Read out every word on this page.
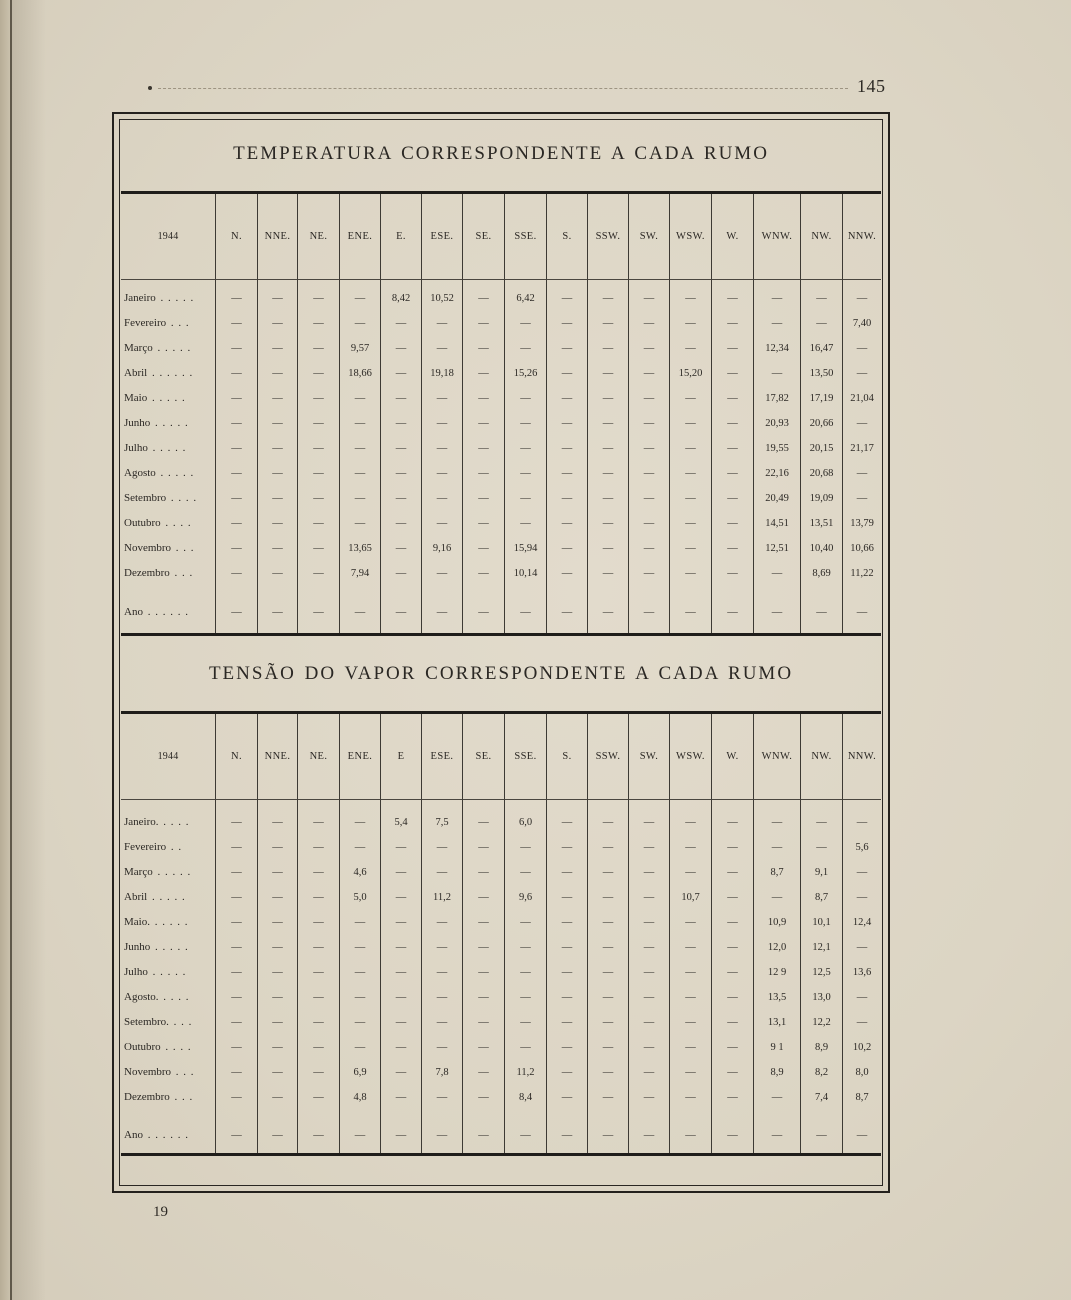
145
TEMPERATURA CORRESPONDENTE A CADA RUMO
1944	N.	NNE.	NE.	ENE.	E.	ESE.	SE.	SSE.	S.	SSW.	SW.	WSW.	W.	WNW.	NW.	NNW.

Janeiro . . . . .	—	—	—	—	8,42	10,52	—	6,42	—	—	—	—	—	—	—	—
Fevereiro . . .	—	—	—	—	—	—	—	—	—	—	—	—	—	—	—	7,40
Março . . . . .	—	—	—	9,57	—	—	—	—	—	—	—	—	—	12,34	16,47	—
Abril . . . . . .	—	—	—	18,66	—	19,18	—	15,26	—	—	—	15,20	—	—	13,50	—
Maio . . . . .	—	—	—	—	—	—	—	—	—	—	—	—	—	17,82	17,19	21,04
Junho . . . . .	—	—	—	—	—	—	—	—	—	—	—	—	—	20,93	20,66	—
Julho . . . . .	—	—	—	—	—	—	—	—	—	—	—	—	—	19,55	20,15	21,17
Agosto . . . . .	—	—	—	—	—	—	—	—	—	—	—	—	—	22,16	20,68	—
Setembro . . . .	—	—	—	—	—	—	—	—	—	—	—	—	—	20,49	19,09	—
Outubro . . . .	—	—	—	—	—	—	—	—	—	—	—	—	—	14,51	13,51	13,79
Novembro . . .	—	—	—	13,65	—	9,16	—	15,94	—	—	—	—	—	12,51	10,40	10,66
Dezembro . . .	—	—	—	7,94	—	—	—	10,14	—	—	—	—	—	—	8,69	11,22

Ano . . . . . .	—	—	—	—	—	—	—	—	—	—	—	—	—	—	—	—

TENSÃO DO VAPOR CORRESPONDENTE A CADA RUMO
1944	N.	NNE.	NE.	ENE.	E	ESE.	SE.	SSE.	S.	SSW.	SW.	WSW.	W.	WNW.	NW.	NNW.

Janeiro. . . . .	—	—	—	—	5,4	7,5	—	6,0	—	—	—	—	—	—	—	—
Fevereiro . .	—	—	—	—	—	—	—	—	—	—	—	—	—	—	—	5,6
Março . . . . .	—	—	—	4,6	—	—	—	—	—	—	—	—	—	8,7	9,1	—
Abril . . . . .	—	—	—	5,0	—	11,2	—	9,6	—	—	—	10,7	—	—	8,7	—
Maio. . . . . .	—	—	—	—	—	—	—	—	—	—	—	—	—	10,9	10,1	12,4
Junho . . . . .	—	—	—	—	—	—	—	—	—	—	—	—	—	12,0	12,1	—
Julho . . . . .	—	—	—	—	—	—	—	—	—	—	—	—	—	12 9	12,5	13,6
Agosto. . . . .	—	—	—	—	—	—	—	—	—	—	—	—	—	13,5	13,0	—
Setembro. . . .	—	—	—	—	—	—	—	—	—	—	—	—	—	13,1	12,2	—
Outubro . . . .	—	—	—	—	—	—	—	—	—	—	—	—	—	9 1	8,9	10,2
Novembro . . .	—	—	—	6,9	—	7,8	—	11,2	—	—	—	—	—	8,9	8,2	8,0
Dezembro . . .	—	—	—	4,8	—	—	—	8,4	—	—	—	—	—	—	7,4	8,7

Ano . . . . . .	—	—	—	—	—	—	—	—	—	—	—	—	—	—	—	—

19
